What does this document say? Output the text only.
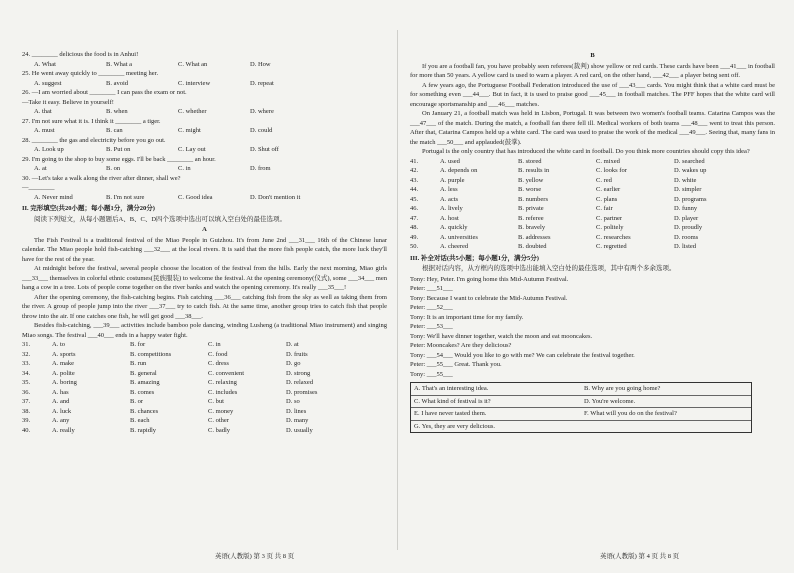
24. ________ delicious the food is in Anhui!

A. What	B. What a	C. What an	D. How

25. He went away quickly to ________ meeting her.

A. suggest	B. avoid	C. interview	D. repeat

26. —I am worried about ________ I can pass the exam or not.

—Take it easy. Believe in yourself!

A. that	B. when	C. whether	D. where

27. I'm not sure what it is. I think it ________ a tiger.

A. must	B. can	C. might	D. could

28. ________ the gas and electricity before you go out.

A. Look up	B. Put on	C. Lay out	D. Shut off

29. I'm going to the shop to buy some eggs. I'll be back ________ an hour.

A. at	B. on	C. in	D. from

30. —Let's take a walk along the river after dinner, shall we?

—________

A. Never mind	B. I'm not sure	C. Good idea	D. Don't mention it

II. 完形填空(共20小题；每小题1分，满分20分)

阅读下列短文，从每小题题后A、B、C、D四个选项中选出可以填入空白处的最佳选项。

A

The Fish Festival is a traditional festival of the Miao People in Guizhou. It's from June 2nd ___31___ 16th of the Chinese lunar calendar. The Miao people hold fish-catching ___32___ at the local rivers. It is said that the more fish people catch, the more luck they'll have for the rest of the year.

At midnight before the festival, several people choose the location of the festival from the hills. Early the next morning, Miao girls ___33___ themselves in colorful ethnic costumes(民族服装) to welcome the festival. At the opening ceremony(仪式), some ___34___ men hang a cow in a tree. Lots of people come together on the river banks and watch the opening ceremony. It's really ___35___!

After the opening ceremony, the fish-catching begins. Fish catching ___36___ catching fish from the sky as well as taking them from the river. A group of people jump into the river ___37___ try to catch fish. At the same time, another group tries to catch fish that people throw into the air. If one catches one fish, he will get good ___38___.

Besides fish-catching, ___39___ activities include bamboo pole dancing, winding Lusheng (a traditional Miao instrument) and singing Miao songs. The festival ___40___ ends in a happy water fight.

31.	A. to	B. for	C. in	D. at
32.	A. sports	B. competitions	C. food	D. fruits
33.	A. make	B. run	C. dress	D. go
34.	A. polite	B. general	C. convenient	D. strong
35.	A. boring	B. amazing	C. relaxing	D. relaxed
36.	A. has	B. comes	C. includes	D. promises
37.	A. and	B. or	C. but	D. so
38.	A. luck	B. chances	C. money	D. lines
39.	A. any	B. each	C. other	D. many
40.	A. really	B. rapidly	C. badly	D. usually

B

If you are a football fan, you have probably seen referees(裁判) show yellow or red cards. These cards have been ___41___ in football for more than 50 years. A yellow card is used to warn a player. A red card, on the other hand, ___42___ a player being sent off.

A few years ago, the Portuguese Football Federation introduced the use of ___43___ cards. You might think that a white card must be for something even ___44___. But in fact, it is used to praise good ___45___ in football matches. The PFF hopes that the white card will encourage sportsmanship and ___46___ matches.

On January 21, a football match was held in Lisbon, Portugal. It was between two women's football teams. Catarina Campos was the ___47___ of the match. During the match, a football fan there fell ill. Medical workers of both teams ___48___ went to treat this person. After that, Catarina Campos held up a white card. The card was used to praise the work of the medical ___49___. Seeing that, many fans in the match ___50___ and applauded(鼓掌).

Portugal is the only country that has introduced the white card in football. Do you think more countries should copy this idea?

41.	A. used	B. stored	C. mixed	D. searched
42.	A. depends on	B. results in	C. looks for	D. wakes up
43.	A. purple	B. yellow	C. red	D. white
44.	A. less	B. worse	C. earlier	D. simpler
45.	A. acts	B. numbers	C. plans	D. programs
46.	A. lively	B. private	C. fair	D. funny
47.	A. host	B. referee	C. partner	D. player
48.	A. quickly	B. bravely	C. politely	D. proudly
49.	A. universities	B. addresses	C. researches	D. rooms
50.	A. cheered	B. doubted	C. regretted	D. listed

III. 补全对话(共5小题；每小题1分，满分5分)

根据对话内容，从方框内的选项中选出能填入空白处的最佳选项，其中有两个多余选项。

Tony: Hey, Peter. I'm going home this Mid-Autumn Festival.

Peter: ___51___

Tony: Because I want to celebrate the Mid-Autumn Festival.

Peter: ___52___

Tony: It is an important time for my family.

Peter: ___53___

Tony: We'll have dinner together, watch the moon and eat mooncakes.

Peter: Mooncakes? Are they delicious?

Tony: ___54___ Would you like to go with me? We can celebrate the festival together.

Peter: ___55___ Great. Thank you.

Tony: ___55___

A. That's an interesting idea.	B. Why are you going home?
C. What kind of festival is it?	D. You're welcome.
E. I have never tasted them.	F. What will you do on the festival?
G. Yes, they are very delicious.
英语(人教版) 第 3 页 共 8 页	英语(人教版) 第 4 页 共 8 页
